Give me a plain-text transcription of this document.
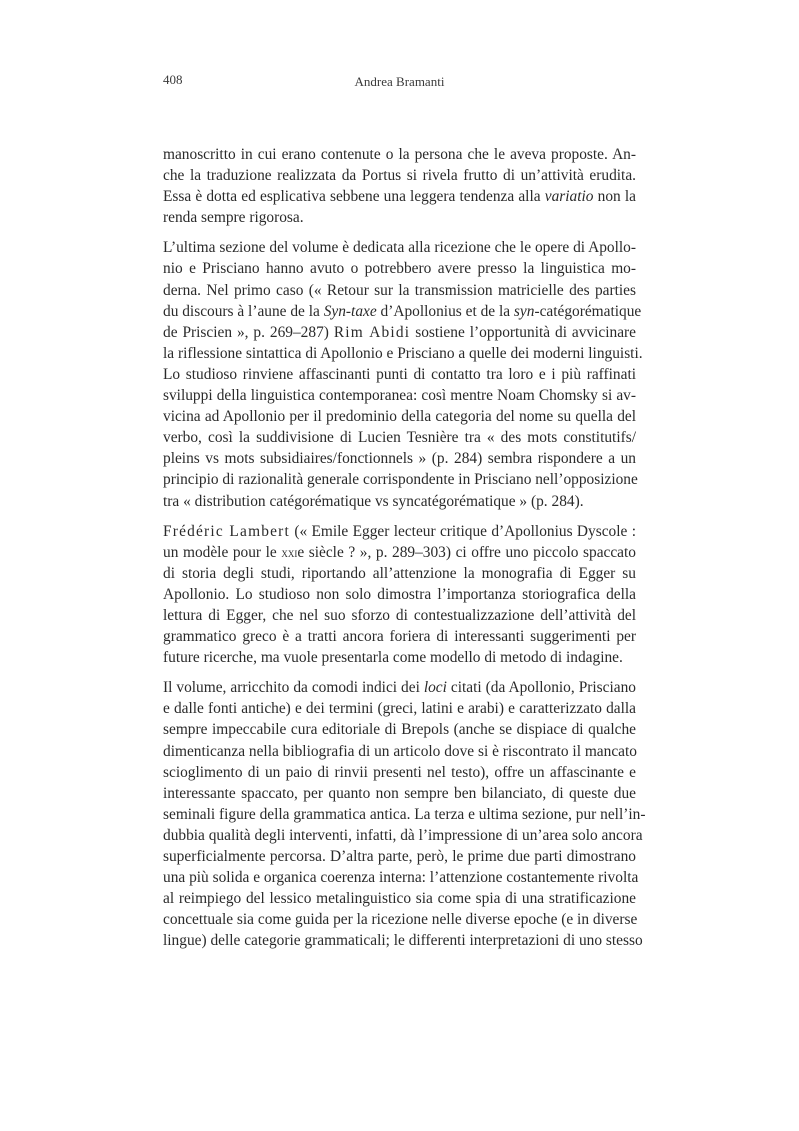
408	Andrea Bramanti

manoscritto in cui erano contenute o la persona che le aveva proposte. An-
che la traduzione realizzata da Portus si rivela frutto di un’attività erudita.
Essa è dotta ed esplicativa sebbene una leggera tendenza alla variatio non la
renda sempre rigorosa.

L’ultima sezione del volume è dedicata alla ricezione che le opere di Apollo-
nio e Prisciano hanno avuto o potrebbero avere presso la linguistica mo-
derna. Nel primo caso (« Retour sur la transmission matricielle des parties
du discours à l’aune de la Syn-taxe d’Apollonius et de la syn-catégorématique
de Priscien », p. 269–287) Rim Abidi sostiene l’opportunità di avvicinare
la riflessione sintattica di Apollonio e Prisciano a quelle dei moderni linguisti.
Lo studioso rinviene affascinanti punti di contatto tra loro e i più raffinati
sviluppi della linguistica contemporanea: così mentre Noam Chomsky si av-
vicina ad Apollonio per il predominio della categoria del nome su quella del
verbo, così la suddivisione di Lucien Tesnière tra « des mots constitutifs/
pleins vs mots subsidiaires/fonctionnels » (p. 284) sembra rispondere a un
principio di razionalità generale corrispondente in Prisciano nell’opposizione
tra « distribution catégorématique vs syncatégorématique » (p. 284).

Frédéric Lambert (« Emile Egger lecteur critique d’Apollonius Dyscole :
un modèle pour le xxie siècle ? », p. 289–303) ci offre uno piccolo spaccato
di storia degli studi, riportando all’attenzione la monografia di Egger su
Apollonio. Lo studioso non solo dimostra l’importanza storiografica della
lettura di Egger, che nel suo sforzo di contestualizzazione dell’attività del
grammatico greco è a tratti ancora foriera di interessanti suggerimenti per
future ricerche, ma vuole presentarla come modello di metodo di indagine.

Il volume, arricchito da comodi indici dei loci citati (da Apollonio, Prisciano
e dalle fonti antiche) e dei termini (greci, latini e arabi) e caratterizzato dalla
sempre impeccabile cura editoriale di Brepols (anche se dispiace di qualche
dimenticanza nella bibliografia di un articolo dove si è riscontrato il mancato
scioglimento di un paio di rinvii presenti nel testo), offre un affascinante e
interessante spaccato, per quanto non sempre ben bilanciato, di queste due
seminali figure della grammatica antica. La terza e ultima sezione, pur nell’in-
dubbia qualità degli interventi, infatti, dà l’impressione di un’area solo ancora
superficialmente percorsa. D’altra parte, però, le prime due parti dimostrano
una più solida e organica coerenza interna: l’attenzione costantemente rivolta
al reimpiego del lessico metalinguistico sia come spia di una stratificazione
concettuale sia come guida per la ricezione nelle diverse epoche (e in diverse
lingue) delle categorie grammaticali; le differenti interpretazioni di uno stesso
